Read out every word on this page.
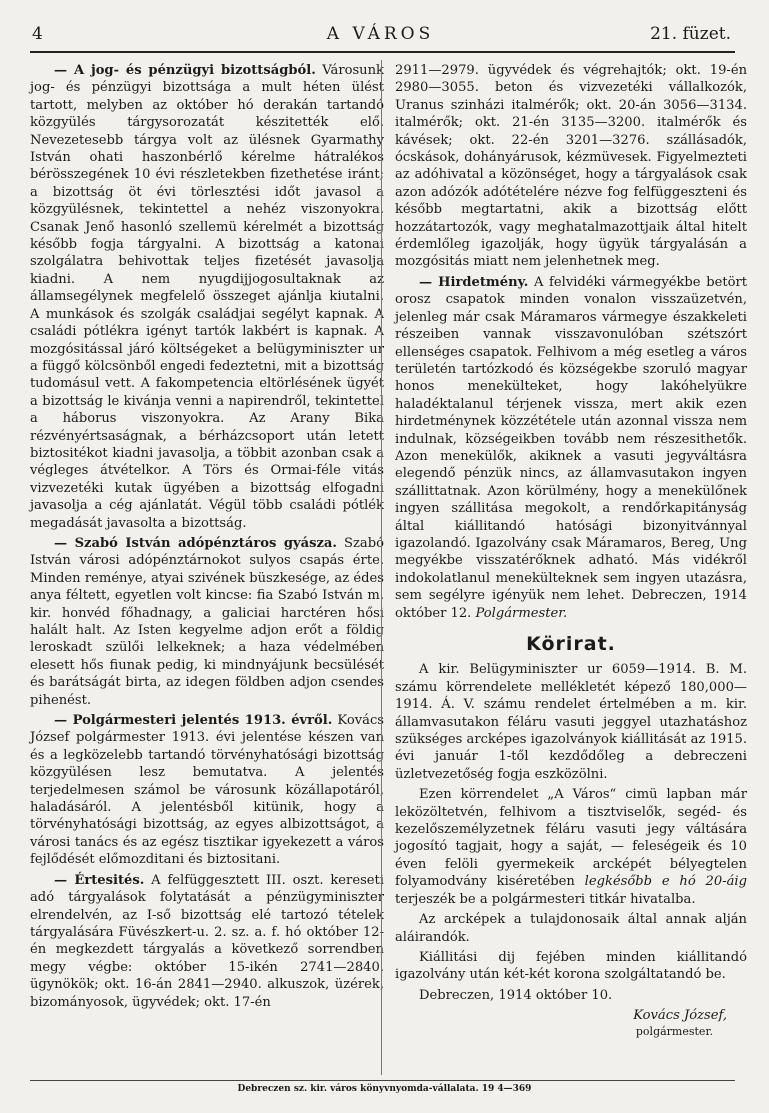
4	A VÁROS	21. füzet.

— A jog- és pénzügyi bizottságból. Városunk jog- és pénzügyi bizottsága a mult héten ülést tartott, melyben az október hó derakán tartandó közgyülés tárgysorozatát készitették elő. Nevezetesebb tárgya volt az ülésnek Gyarmathy István ohati haszonbérlő kérelme hátralékos bérösszegének 10 évi részletekben fizethetése iránt; a bizottság öt évi törlesztési időt javasol a közgyülésnek, tekintettel a nehéz viszonyokra. Csanak Jenő hasonló szellemü kérelmét a bizottság később fogja tárgyalni. A bizottság a katonai szolgálatra behivottak teljes fizetését javasolja kiadni. A nem nyugdijjogosultaknak az államsegélynek megfelelő összeget ajánlja kiutalni. A munkások és szolgák családjai segélyt kapnak. A családi pótlékra igényt tartók lakbért is kapnak. A mozgósitással járó költségeket a belügyminiszter ur a függő kölcsönből engedi fedeztetni, mit a bizottság tudomásul vett. A fakompetencia eltörlésének ügyét a bizottság le kivánja venni a napirendről, tekintettel a háborus viszonyokra. Az Arany Bika rézvényértsaságnak, a bérházcsoport után letett biztositékot kiadni javasolja, a többit azonban csak a végleges átvételkor. A Törs és Ormai-féle vitás vizvezetéki kutak ügyében a bizottság elfogadni javasolja a cég ajánlatát. Végül több családi pótlék megadását javasolta a bizottság.

— Szabó István adópénztáros gyásza. Szabó István városi adópénztárnokot sulyos csapás érte. Minden reménye, atyai szivének büszkesége, az édes anya féltett, egyetlen volt kincse: fia Szabó István m. kir. honvéd főhadnagy, a galiciai harctéren hősi halált halt. Az Isten kegyelme adjon erőt a földig leroskadt szülői lelkeknek; a haza védelmében elesett hős fiunak pedig, ki mindnyájunk becsülését és barátságát birta, az idegen földben adjon csendes pihenést.

— Polgármesteri jelentés 1913. évről. Kovács József polgármester 1913. évi jelentése készen van és a legközelebb tartandó törvényhatósági bizottság közgyülésen lesz bemutatva. A jelentés terjedelmesen számol be városunk közállapotáról, haladásáról. A jelentésből kitünik, hogy a törvényhatósági bizottság, az egyes albizottságot, a városi tanács és az egész tisztikar igyekezett a város fejlődését előmozditani és biztositani.

— Értesités. A felfüggesztett III. oszt. kereseti adó tárgyalások folytatását a pénzügyminiszter elrendelvén, az I-ső bizottság elé tartozó tételek tárgyalására Füvészkert-u. 2. sz. a. f. hó október 12-én megkezdett tárgyalás a következő sorrendben megy végbe: október 15-ikén 2741—2840. ügynökök; okt. 16-án 2841—2940. alkuszok, üzérek, bizományosok, ügyvédek; okt. 17-én

2911—2979. ügyvédek és végrehajtók; okt. 19-én 2980—3055. beton és vizvezetéki vállalkozók, Uranus szinházi italmérők; okt. 20-án 3056—3134. italmérők; okt. 21-én 3135—3200. italmérők és kávések; okt. 22-én 3201—3276. szállásadók, ócskások, dohányárusok, kézmüvesek. Figyelmezteti az adóhivatal a közönséget, hogy a tárgyalások csak azon adózók adótételére nézve fog felfüggeszteni és később megtartatni, akik a bizottság előtt hozzátartozók, vagy meghatalmazottjaik által hitelt érdemlőleg igazolják, hogy ügyük tárgyalásán a mozgósitás miatt nem jelenhetnek meg.

— Hirdetmény. A felvidéki vármegyékbe betört orosz csapatok minden vonalon visszaüzetvén, jelenleg már csak Máramaros vármegye észak​keleti részeiben vannak visszavonulóban szétszórt ellenséges csapatok. Felhivom a még esetleg a város területén tartózkodó és községekbe szoruló magyar honos menekülteket, hogy lakóhelyükre haladéktalanul térjenek vissza, mert akik ezen hirdetménynek közzététele után azonnal vissza nem indulnak, községeikben tovább nem részesithetők. Azon menekülők, akiknek a vasuti jegyváltásra elegendő pénzük nincs, az államvasutakon ingyen szállittatnak. Azon körülmény, hogy a menekülőnek ingyen szállitása megokolt, a rendőrkapitányság által kiállitandó hatósági bizonyitvánnyal igazolandó. Igazolvány csak Máramaros, Bereg, Ung megyékbe visszatérőknek adható. Más vidékről indokolatlanul menekülteknek sem ingyen utazásra, sem segélyre igényük nem lehet. Debreczen, 1914 október 12. Polgármester.

Körirat.

A kir. Belügyminiszter ur 6059—1914. B. M. számu körrendelete mellékletét képező 180,000—1914. Á. V. számu rendelet értelmében a m. kir. államvasutakon féláru vasuti jeggyel utazhatáshoz szükséges arcképes igazolványok kiállitását az 1915. évi január 1-től kezdődőleg a debreczeni üzletvezetőség fogja eszközölni.

Ezen körrendelet „A Város“ cimü lapban már leközöltetvén, felhivom a tisztviselők, segéd- és kezelőszemélyzetnek féláru vasuti jegy váltására jogosító tagjait, hogy a saját, — feleségeik és 10 éven felöli gyermekeik arcképét bélyegtelen folyamodvány kiséretében legkésőbb e hó 20-áig terjeszék be a polgármesteri titkár hivatalba.

Az arcképek a tulajdonosaik által annak alján aláirandók.

Kiállitási dij fejében minden kiállitandó igazolvány után két-két korona szolgáltatandó be.

Debreczen, 1914 október 10.

Kovács József,
polgármester.
Debreczen sz. kir. város könyvnyomda-vállalata. 19 4—369
